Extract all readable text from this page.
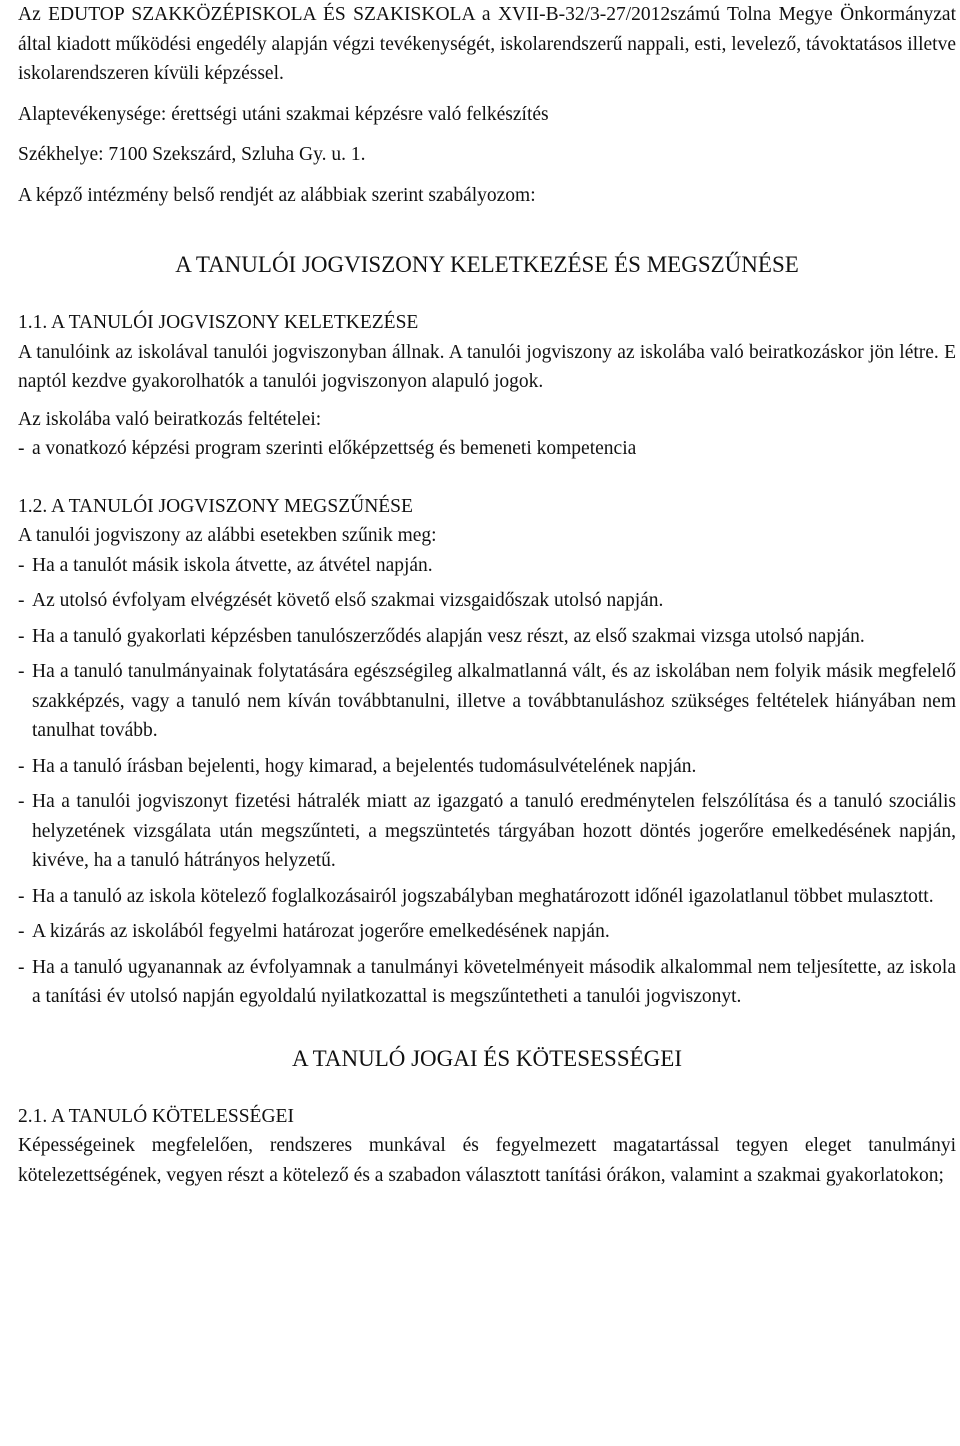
Az EDUTOP SZAKKÖZÉPISKOLA ÉS SZAKISKOLA a XVII-B-32/3-27/2012számú Tolna Megye Önkormányzat által kiadott működési engedély alapján végzi tevékenységét, iskolarendszerű nappali, esti, levelező, távoktatásos illetve iskolarendszeren kívüli képzéssel.

Alaptevékenysége: érettségi utáni szakmai képzésre való felkészítés

Székhelye: 7100 Szekszárd, Szluha Gy. u. 1.

A képző intézmény belső rendjét az alábbiak szerint szabályozom:

A TANULÓI JOGVISZONY KELETKEZÉSE ÉS MEGSZŰNÉSE
1.1. A TANULÓI JOGVISZONY KELETKEZÉSE

A tanulóink az iskolával tanulói jogviszonyban állnak. A tanulói jogviszony az iskolába való beiratkozáskor jön létre. E naptól kezdve gyakorolhatók a tanulói jogviszonyon alapuló jogok.

Az iskolába való beiratkozás feltételei:

- a vonatkozó képzési program szerinti előképzettség és bemeneti kompetencia
1.2. A TANULÓI JOGVISZONY MEGSZŰNÉSE

A tanulói jogviszony az alábbi esetekben szűnik meg:

- Ha a tanulót másik iskola átvette, az átvétel napján.
- Az utolsó évfolyam elvégzését követő első szakmai vizsgaidőszak utolsó napján.
- Ha a tanuló gyakorlati képzésben tanulószerződés alapján vesz részt, az első szakmai vizsga utolsó napján.
- Ha a tanuló tanulmányainak folytatására egészségileg alkalmatlanná vált, és az iskolában nem folyik másik megfelelő szakképzés, vagy a tanuló nem kíván továbbtanulni, illetve a továbbtanuláshoz szükséges feltételek hiányában nem tanulhat tovább.
- Ha a tanuló írásban bejelenti, hogy kimarad, a bejelentés tudomásulvételének napján.
- Ha a tanulói jogviszonyt fizetési hátralék miatt az igazgató a tanuló eredménytelen felszólítása és a tanuló szociális helyzetének vizsgálata után megszűnteti, a megszüntetés tárgyában hozott döntés jogerőre emelkedésének napján, kivéve, ha a tanuló hátrányos helyzetű.
- Ha a tanuló az iskola kötelező foglalkozásairól jogszabályban meghatározott időnél igazolatlanul többet mulasztott.
- A kizárás az iskolából fegyelmi határozat jogerőre emelkedésének napján.
- Ha a tanuló ugyanannak az évfolyamnak a tanulmányi követelményeit második alkalommal nem teljesítette, az iskola a tanítási év utolsó napján egyoldalú nyilatkozattal is megszűntetheti a tanulói jogviszonyt.
A TANULÓ JOGAI ÉS KÖTESESSÉGEI
2.1. A TANULÓ KÖTELESSÉGEI

Képességeinek megfelelően, rendszeres munkával és fegyelmezett magatartással tegyen eleget tanulmányi kötelezettségének, vegyen részt a kötelező és a szabadon választott tanítási órákon, valamint a szakmai gyakorlatokon;
